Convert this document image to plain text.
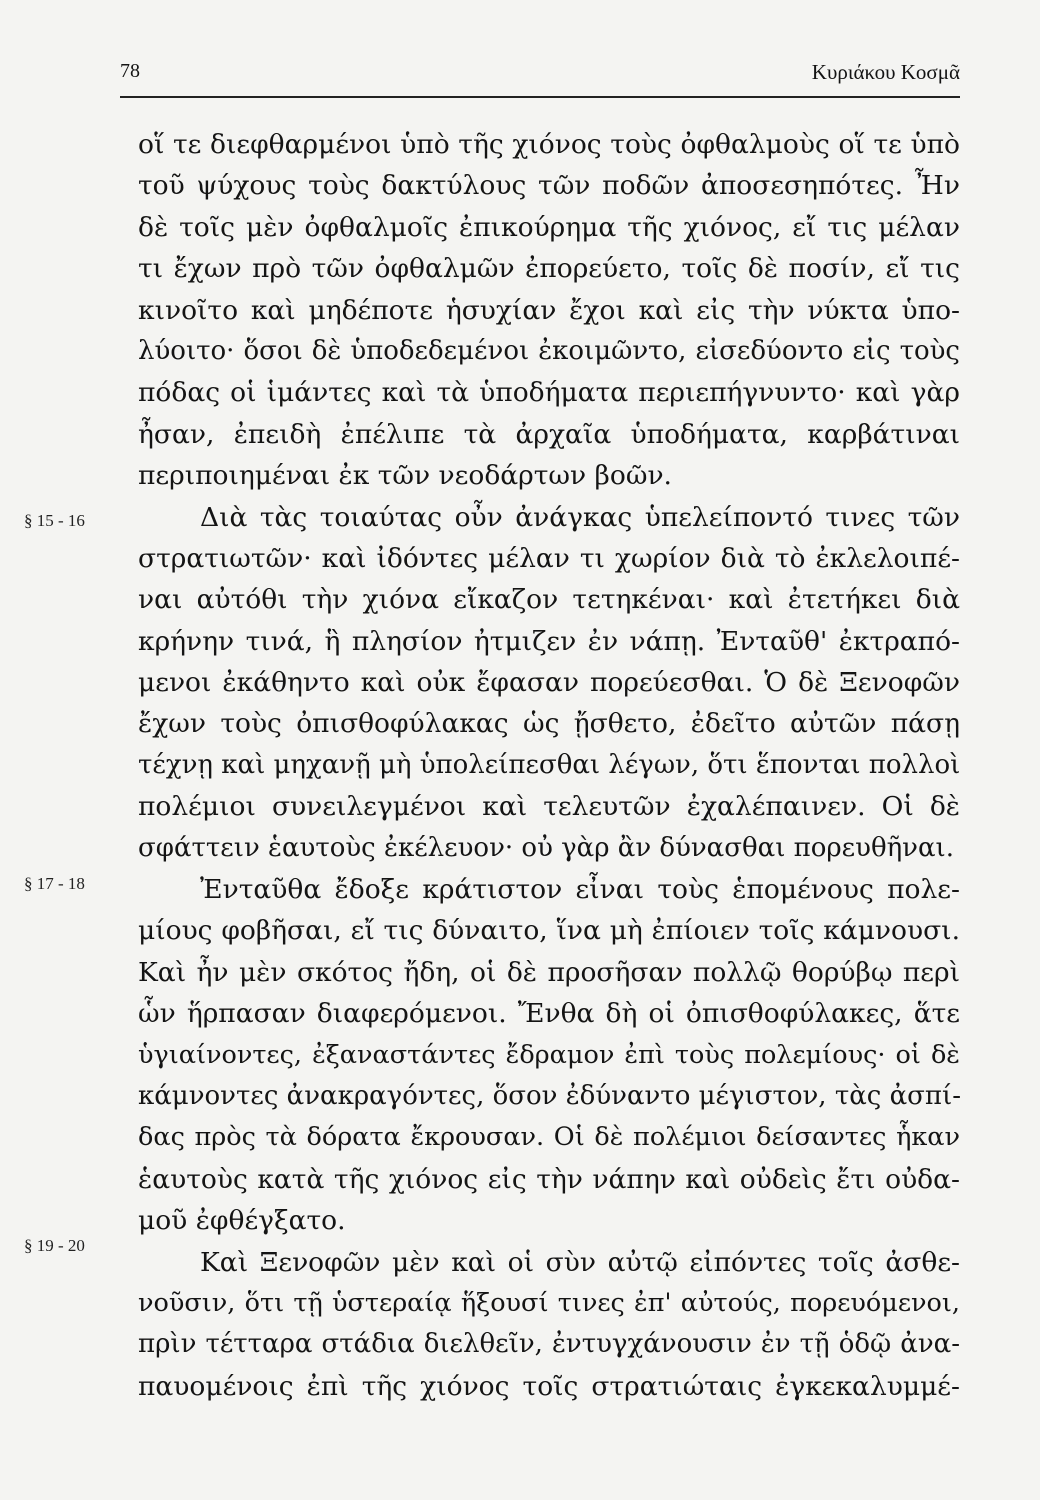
78	Κυριάκου Κοσμᾶ
§ 15 - 16
§ 17 - 18
§ 19 - 20
οἵ τε διεφθαρμένοι ὑπὸ τῆς χιόνος τοὺς ὀφθαλμοὺς οἵ τε ὑπὸ
τοῦ ψύχους τοὺς δακτύλους τῶν ποδῶν ἀποσεσηπότες. Ἦν
δὲ τοῖς μὲν ὀφθαλμοῖς ἐπικούρημα τῆς χιόνος, εἴ τις μέλαν
τι ἔχων πρὸ τῶν ὀφθαλμῶν ἐπορεύετο, τοῖς δὲ ποσίν, εἴ τις
κινοῖτο καὶ μηδέποτε ἡσυχίαν ἔχοι καὶ εἰς τὴν νύκτα ὑπο-
λύοιτο· ὅσοι δὲ ὑποδεδεμένοι ἐκοιμῶντο, εἰσεδύοντο εἰς τοὺς
πόδας οἱ ἱμάντες καὶ τὰ ὑποδήματα περιεπήγνυντο· καὶ γὰρ
ἦσαν, ἐπειδὴ ἐπέλιπε τὰ ἀρχαῖα ὑποδήματα, καρβάτιναι
περιποιημέναι ἐκ τῶν νεοδάρτων βοῶν.
Διὰ τὰς τοιαύτας οὖν ἀνάγκας ὑπελείποντό τινες τῶν
στρατιωτῶν· καὶ ἰδόντες μέλαν τι χωρίον διὰ τὸ ἐκλελοιπέ-
ναι αὐτόθι τὴν χιόνα εἴκαζον τετηκέναι· καὶ ἐτετήκει διὰ
κρήνην τινά, ἣ πλησίον ἠτμιζεν ἐν νάπῃ. Ἐνταῦθ' ἐκτραπό-
μενοι ἐκάθηντο καὶ οὐκ ἔφασαν πορεύεσθαι. Ὁ δὲ Ξενοφῶν
ἔχων τοὺς ὀπισθοφύλακας ὡς ᾔσθετο, ἐδεῖτο αὐτῶν πάσῃ
τέχνῃ καὶ μηχανῇ μὴ ὑπολείπεσθαι λέγων, ὅτι ἕπονται πολλοὶ
πολέμιοι συνειλεγμένοι καὶ τελευτῶν ἐχαλέπαινεν. Οἱ δὲ
σφάττειν ἑαυτοὺς ἐκέλευον· οὐ γὰρ ἂν δύνασθαι πορευθῆναι.
Ἐνταῦθα ἔδοξε κράτιστον εἶναι τοὺς ἑπομένους πολε-
μίους φοβῆσαι, εἴ τις δύναιτο, ἵνα μὴ ἐπίοιεν τοῖς κάμνουσι.
Καὶ ἦν μὲν σκότος ἤδη, οἱ δὲ προσῆσαν πολλῷ θορύβῳ περὶ
ὧν ἥρπασαν διαφερόμενοι. Ἔνθα δὴ οἱ ὀπισθοφύλακες, ἅτε
ὑγιαίνοντες, ἐξαναστάντες ἔδραμον ἐπὶ τοὺς πολεμίους· οἱ δὲ
κάμνοντες ἀνακραγόντες, ὅσον ἐδύναντο μέγιστον, τὰς ἀσπί-
δας πρὸς τὰ δόρατα ἔκρουσαν. Οἱ δὲ πολέμιοι δείσαντες ἧκαν
ἑαυτοὺς κατὰ τῆς χιόνος εἰς τὴν νάπην καὶ οὐδεὶς ἔτι οὐδα-
μοῦ ἐφθέγξατο.
Καὶ Ξενοφῶν μὲν καὶ οἱ σὺν αὐτῷ εἰπόντες τοῖς ἀσθε-
νοῦσιν, ὅτι τῇ ὑστεραίᾳ ἥξουσί τινες ἐπ' αὐτούς, πορευόμενοι,
πρὶν τέτταρα στάδια διελθεῖν, ἐντυγχάνουσιν ἐν τῇ ὁδῷ ἀνα-
παυομένοις ἐπὶ τῆς χιόνος τοῖς στρατιώταις ἐγκεκαλυμμέ-
